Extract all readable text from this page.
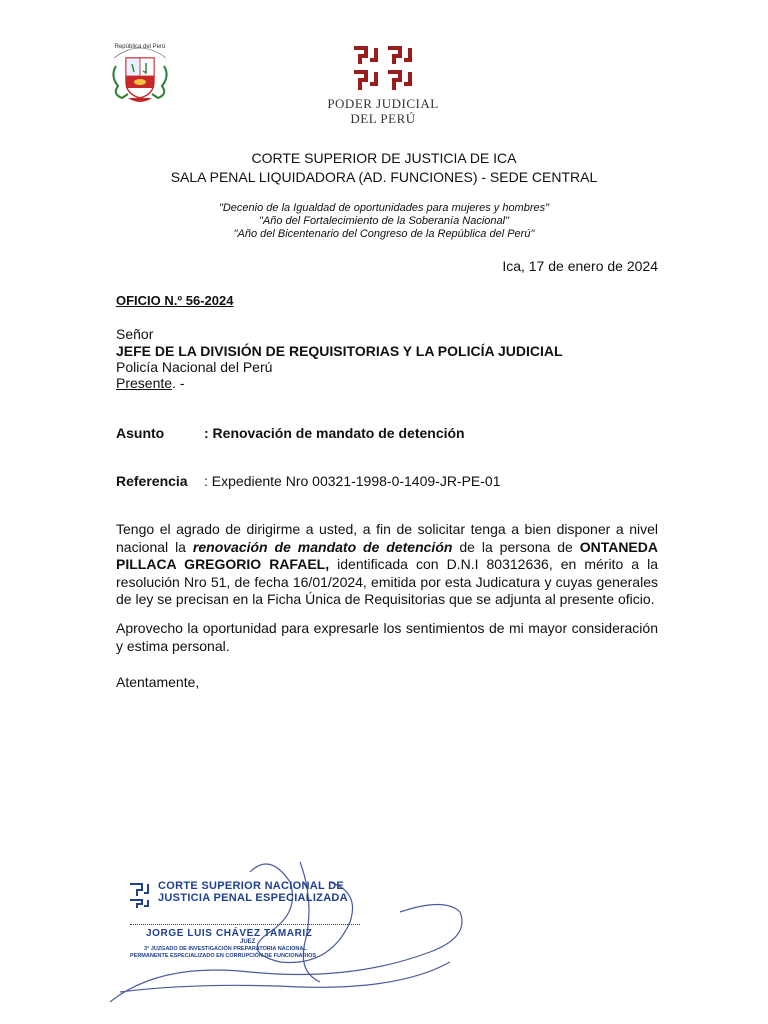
República del Perú
PODER JUDICIAL
DEL PERÚ
CORTE SUPERIOR DE JUSTICIA DE ICA
SALA PENAL LIQUIDADORA (AD. FUNCIONES) - SEDE CENTRAL
"Decenio de la Igualdad de oportunidades para mujeres y hombres"
"Año del Fortalecimiento de la Soberanía Nacional"
"Año del Bicentenario del Congreso de la República del Perú"
Ica, 17 de enero de 2024
OFICIO N.º 56-2024
Señor
JEFE DE LA DIVISIÓN DE REQUISITORIAS Y LA POLICÍA JUDICIAL
Policía Nacional del Perú
Presente. -
Asunto	: Renovación de mandato de detención
Referencia : Expediente Nro 00321-1998-0-1409-JR-PE-01
Tengo el agrado de dirigirme a usted, a fin de solicitar tenga a bien disponer a nivel nacional la renovación de mandato de detención de la persona de ONTANEDA PILLACA GREGORIO RAFAEL, identificada con D.N.I 80312636, en mérito a la resolución Nro 51, de fecha 16/01/2024, emitida por esta Judicatura y cuyas generales de ley se precisan en la Ficha Única de Requisitorias que se adjunta al presente oficio.
Aprovecho la oportunidad para expresarle los sentimientos de mi mayor consideración y estima personal.
Atentamente,
CORTE SUPERIOR NACIONAL DE
JUSTICIA PENAL ESPECIALIZADA
JORGE LUIS CHÁVEZ TAMARIZ
JUEZ
3° JUZGADO DE INVESTIGACIÓN PREPARATORIA NACIONAL
PERMANENTE ESPECIALIZADO EN CORRUPCIÓN DE FUNCIONARIOS
